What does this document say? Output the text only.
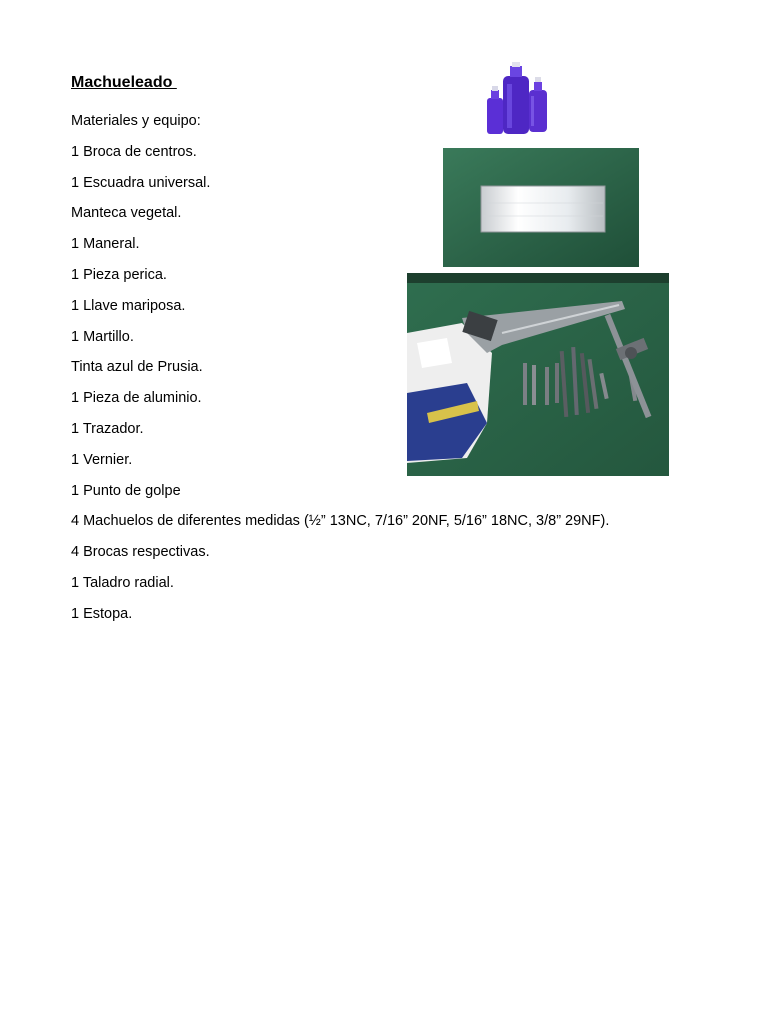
Machueleado
Materiales y equipo:
1 Broca de centros.
1 Escuadra universal.
Manteca vegetal.
1 Maneral.
1 Pieza perica.
1 Llave mariposa.
1 Martillo.
Tinta azul de Prusia.
1 Pieza de aluminio.
1 Trazador.
1 Vernier.
1 Punto de golpe
4 Machuelos de diferentes medidas (½” 13NC, 7/16” 20NF, 5/16” 18NC, 3/8” 29NF).
4 Brocas respectivas.
1 Taladro radial.
1 Estopa.
